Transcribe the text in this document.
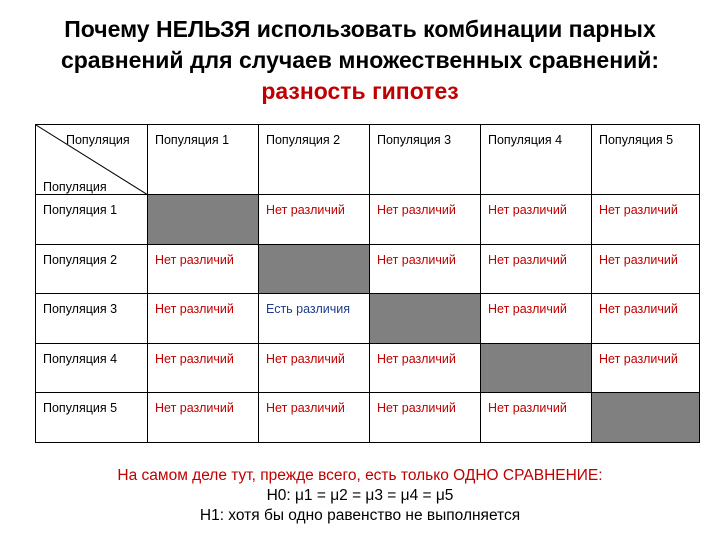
Почему НЕЛЬЗЯ использовать комбинации парных
сравнений для случаев множественных сравнений:
разность гипотез
Популяция
Популяция	Популяция 1	Популяция 2	Популяция 3	Популяция 4	Популяция 5

Популяция 1		Нет различий	Нет различий	Нет различий	Нет различий

Популяция 2	Нет различий		Нет различий	Нет различий	Нет различий

Популяция 3	Нет различий	Есть различия		Нет различий	Нет различий

Популяция 4	Нет различий	Нет различий	Нет различий		Нет различий

Популяция 5	Нет различий	Нет различий	Нет различий	Нет различий	

На самом деле тут, прежде всего, есть только ОДНО СРАВНЕНИЕ:
H0: μ1 = μ2 = μ3 = μ4 = μ5
H1: хотя бы одно равенство не выполняется
